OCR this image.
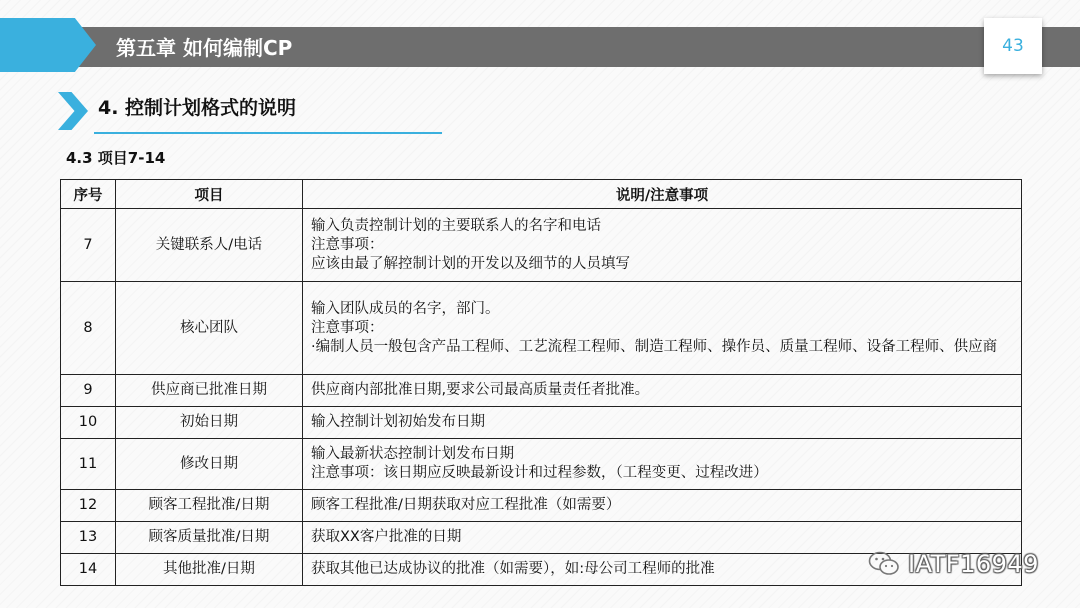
第五章 如何编制CP	43
4. 控制计划格式的说明
4.3 项目7-14
序号	项目	说明/注意事项
7	关键联系人/电话	输入负责控制计划的主要联系人的名字和电话
注意事项：
应该由最了解控制计划的开发以及细节的人员填写

8	核心团队	输入团队成员的名字，部门。
注意事项：
·编制人员一般包含产品工程师、工艺流程工程师、制造工程师、操作员、质量工程师、设备工程师、供应商

9	供应商已批准日期	供应商内部批准日期,要求公司最高质量责任者批准。

10	初始日期	输入控制计划初始发布日期

11	修改日期	输入最新状态控制计划发布日期
注意事项：该日期应反映最新设计和过程参数，（工程变更、过程改进）

12	顾客工程批准/日期	顾客工程批准/日期获取对应工程批准（如需要）

13	顾客质量批准/日期	获取XX客户批准的日期

14	其他批准/日期	获取其他已达成协议的批准（如需要），如:母公司工程师的批准	IATF16949
